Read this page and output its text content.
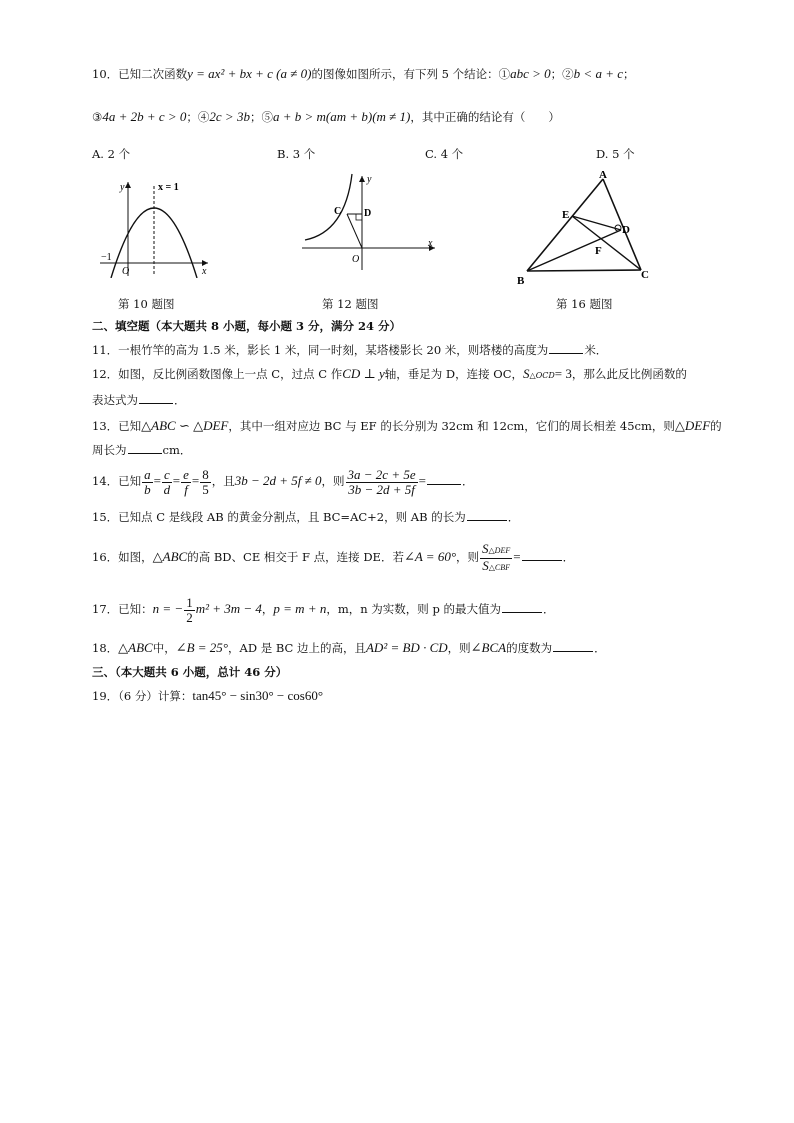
10．已知二次函数y = ax² + bx + c (a ≠ 0)的图像如图所示，有下列 5 个结论：①abc > 0；②b < a + c；
③4a + 2b + c > 0；④2c > 3b；⑤a + b > m(am + b)(m ≠ 1)，其中正确的结论有（　　）
A. 2 个	B. 3 个	C. 4 个	D. 5 个
y
x
x = 1
O
−1
y
x
O
C D
A
B	C
D
E
F
第 10 题图	第 12 题图	第 16 题图
二、填空题（本大题共 8 小题，每小题 3 分，满分 24 分）
11．一根竹竿的高为 1.5 米，影长 1 米，同一时刻，某塔楼影长 20 米，则塔楼的高度为	米．
12．如图，反比例函数图像上一点 C，过点 C 作CD ⊥ y轴，垂足为 D，连接 OC，S△OCD= 3，那么此反比例函数的
表达式为	．
13．已知△ABC ∽ △DEF，其中一组对应边 BC 与 EF 的长分别为 32cm 和 12cm，它们的周长相差 45cm，则△DEF的
周长为	cm．
14．已知 $\frac{a}{b} = \frac{c}{d} = \frac{e}{f} = \frac{8}{5}$ ，且3b − 2d + 5f ≠ 0，则 $\frac{3a - 2c + 5e}{3b - 2d + 5f}$ =	．
15．已知点 C 是线段 AB 的黄金分割点，且 BC=AC+2，则 AB 的长为	．
16．如图，△ABC的高 BD、CE 相交于 F 点，连接 DE．若∠A = 60°，则 $\frac{\text{S△DEF}}{\text{S△CBF}}$ =	．
17．已知：n = − $\frac{1}{2} m^2 + 3m - 4$，p = m + n，m，n 为实数，则 p 的最大值为	．
18．△ABC中，∠B = 25°，AD 是 BC 边上的高，且AD² = BD · CD，则∠BCA的度数为	．
三、（本大题共 6 小题，总计 46 分）
19．（6 分）计算：tan45° − sin30° − cos60°
